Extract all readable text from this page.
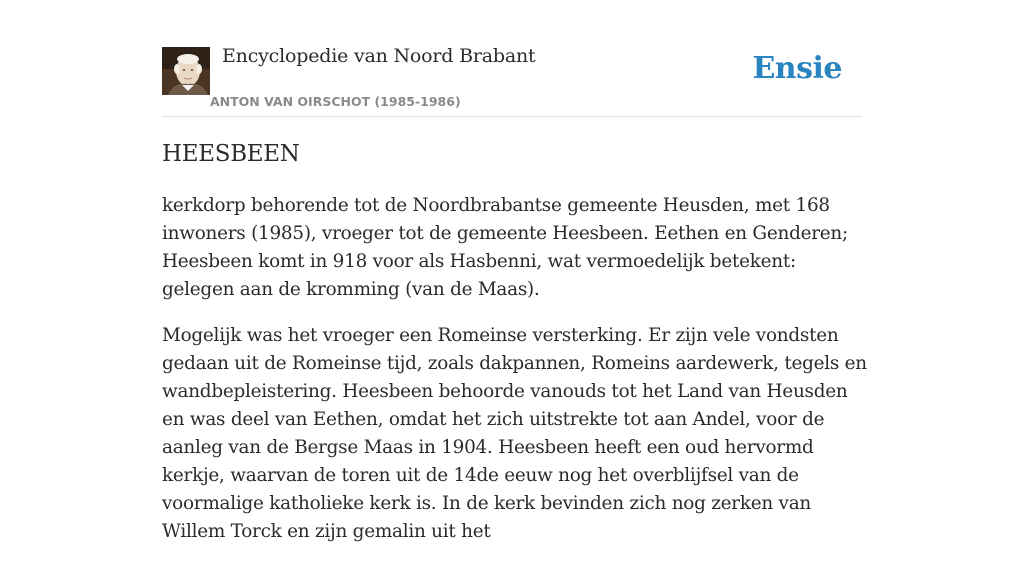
Encyclopedie van Noord Brabant
ANTON VAN OIRSCHOT (1985-1986)
Ensie
HEESBEEN

kerkdorp behorende tot de Noordbrabantse gemeente Heusden, met 168 inwoners (1985), vroeger tot de gemeente Heesbeen. Eethen en Genderen; Heesbeen komt in 918 voor als Hasbenni, wat vermoedelijk betekent: gelegen aan de kromming (van de Maas).

Mogelijk was het vroeger een Romeinse versterking. Er zijn vele vondsten gedaan uit de Romeinse tijd, zoals dakpannen, Romeins aardewerk, tegels en wandbepleistering. Heesbeen behoorde vanouds tot het Land van Heusden en was deel van Eethen, omdat het zich uitstrekte tot aan Andel, voor de aanleg van de Bergse Maas in 1904. Heesbeen heeft een oud hervormd kerkje, waarvan de toren uit de 14de eeuw nog het overblijfsel van de voormalige katholieke kerk is. In de kerk bevinden zich nog zerken van Willem Torck en zijn gemalin uit het
